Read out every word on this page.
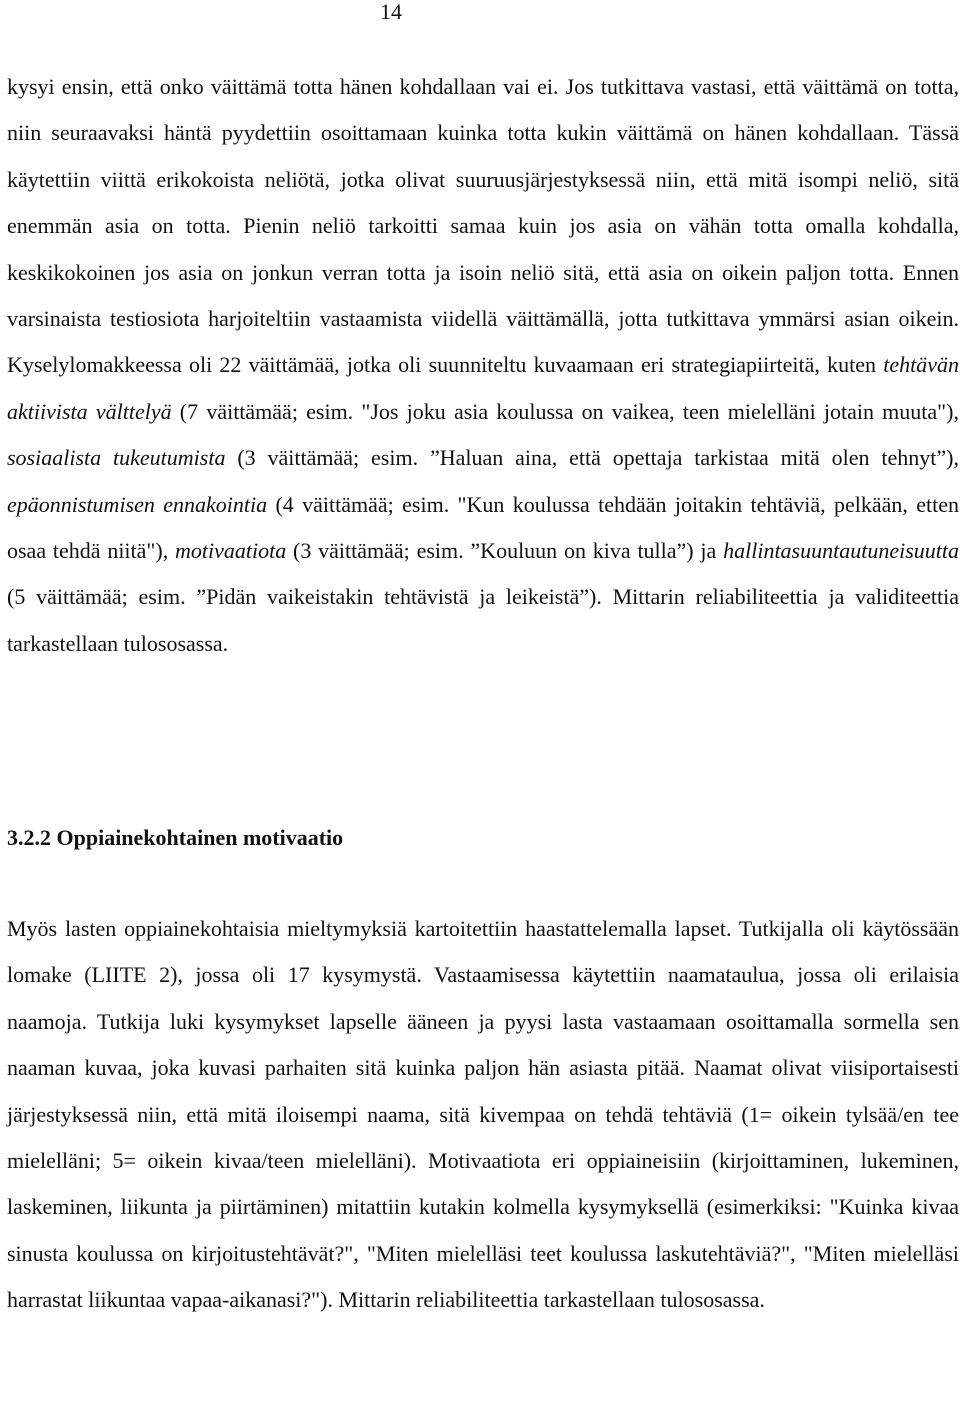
14

kysyi ensin, että onko väittämä totta hänen kohdallaan vai ei. Jos tutkittava vastasi, että väittämä on totta, niin seuraavaksi häntä pyydettiin osoittamaan kuinka totta kukin väittämä on hänen kohdallaan. Tässä käytettiin viittä erikokoista neliötä, jotka olivat suuruusjärjestyksessä niin, että mitä isompi neliö, sitä enemmän asia on totta. Pienin neliö tarkoitti samaa kuin jos asia on vähän totta omalla kohdalla, keskikokoinen jos asia on jonkun verran totta ja isoin neliö sitä, että asia on oikein paljon totta. Ennen varsinaista testiosiota harjoiteltiin vastaamista viidellä väittämällä, jotta tutkittava ymmärsi asian oikein. Kyselylomakkeessa oli 22 väittämää, jotka oli suunniteltu kuvaamaan eri strategiapiirteitä, kuten tehtävän aktiivista välttelyä (7 väittämää; esim. "Jos joku asia koulussa on vaikea, teen mielelläni jotain muuta"), sosiaalista tukeutumista (3 väittämää; esim. ”Haluan aina, että opettaja tarkistaa mitä olen tehnyt”), epäonnistumisen ennakointia (4 väittämää; esim. "Kun koulussa tehdään joitakin tehtäviä, pelkään, etten osaa tehdä niitä"), motivaatiota (3 väittämää; esim. ”Kouluun on kiva tulla”) ja hallintasuuntautuneisuutta (5 väittämää; esim. ”Pidän vaikeistakin tehtävistä ja leikeistä”). Mittarin reliabiliteettia ja validiteettia tarkastellaan tulososassa.

3.2.2 Oppiainekohtainen motivaatio

Myös lasten oppiainekohtaisia mieltymyksiä kartoitettiin haastattelemalla lapset. Tutkijalla oli käytössään lomake (LIITE 2), jossa oli 17 kysymystä. Vastaamisessa käytettiin naamataulua, jossa oli erilaisia naamoja. Tutkija luki kysymykset lapselle ääneen ja pyysi lasta vastaamaan osoittamalla sormella sen naaman kuvaa, joka kuvasi parhaiten sitä kuinka paljon hän asiasta pitää. Naamat olivat viisiportaisesti järjestyksessä niin, että mitä iloisempi naama, sitä kivempaa on tehdä tehtäviä (1= oikein tylsää/en tee mielelläni; 5= oikein kivaa/teen mielelläni). Motivaatiota eri oppiaineisiin (kirjoittaminen, lukeminen, laskeminen, liikunta ja piirtäminen) mitattiin kutakin kolmella kysymyksellä (esimerkiksi: "Kuinka kivaa sinusta koulussa on kirjoitustehtävät?", "Miten mielelläsi teet koulussa laskutehtäviä?", "Miten mielelläsi harrastat liikuntaa vapaa-aikanasi?"). Mittarin reliabiliteettia tarkastellaan tulososassa.
